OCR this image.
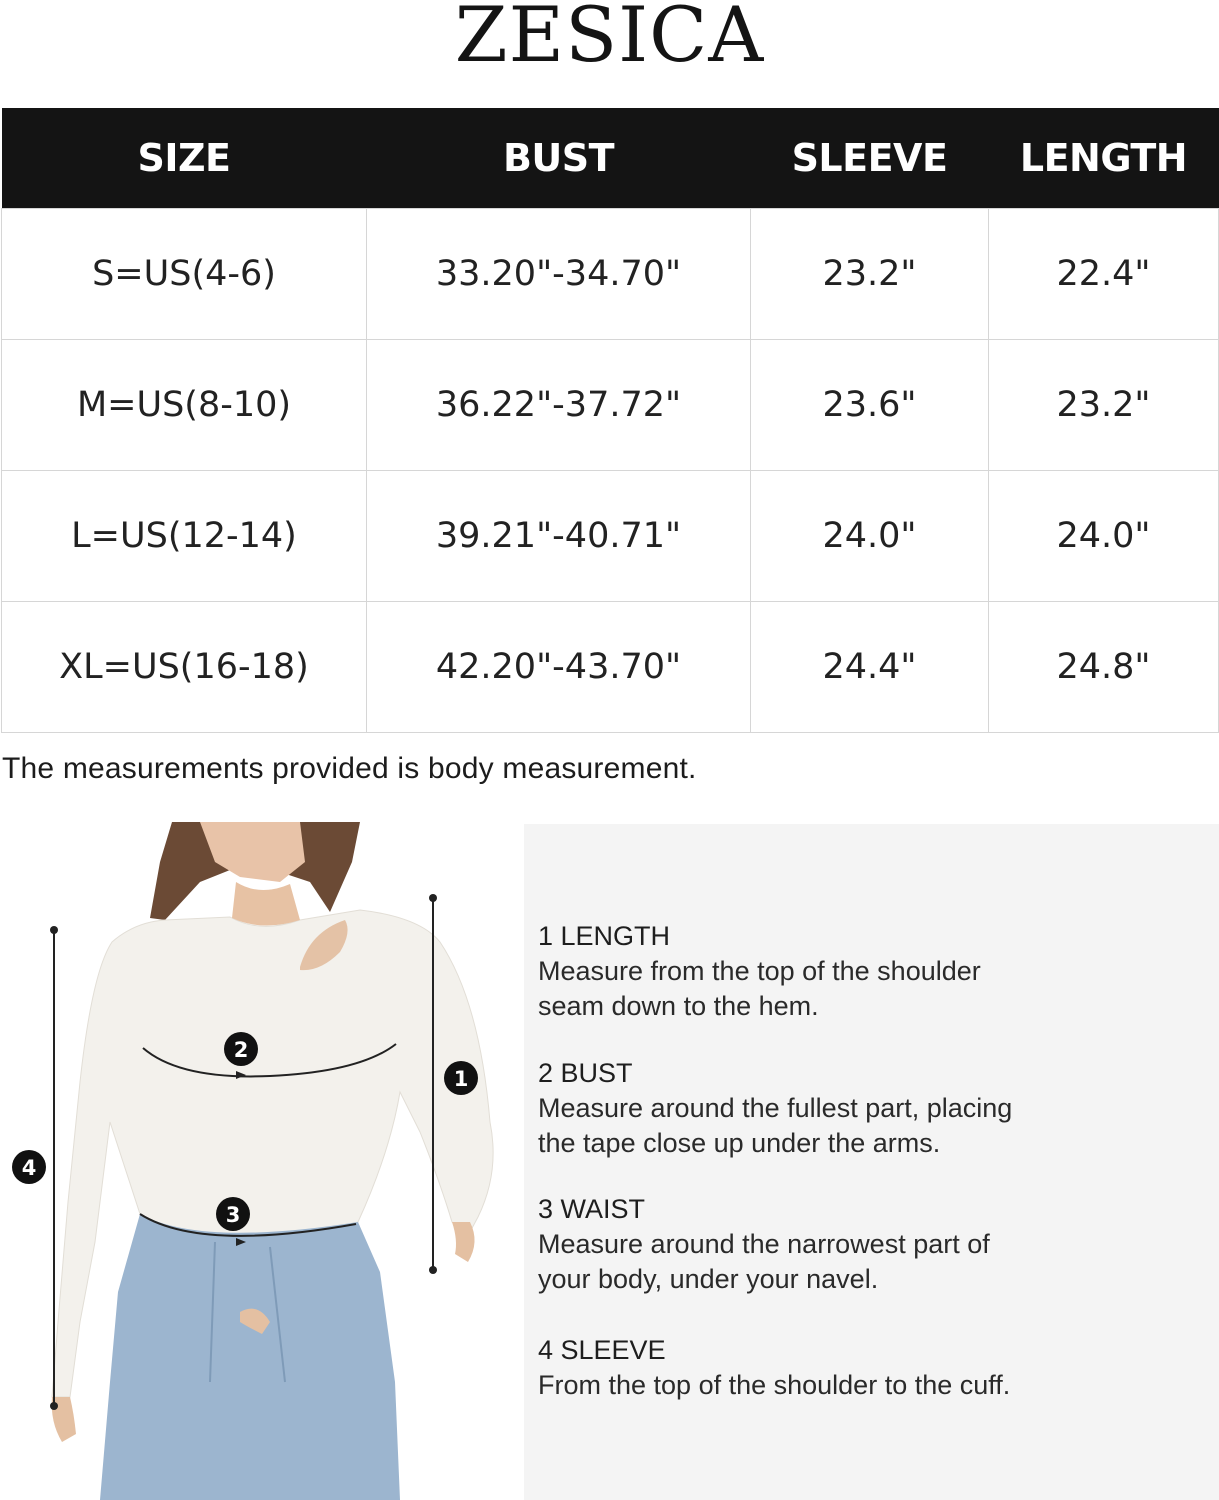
ZESICA
SIZE	BUST	SLEEVE	LENGTH
S=US(4-6)	33.20"-34.70"	23.2"	22.4"
M=US(8-10)	36.22"-37.72"	23.6"	23.2"
L=US(12-14)	39.21"-40.71"	24.0"	24.0"
XL=US(16-18)	42.20"-43.70"	24.4"	24.8"
The measurements provided is body measurement.
1
2
3
4
1 LENGTH
Measure from the top of the shoulder
seam down to the hem.
2 BUST
Measure around the fullest part, placing
the tape close up under the arms.
3 WAIST
Measure around the narrowest part of
your body, under your navel.
4 SLEEVE
From the top of the shoulder to the cuff.
